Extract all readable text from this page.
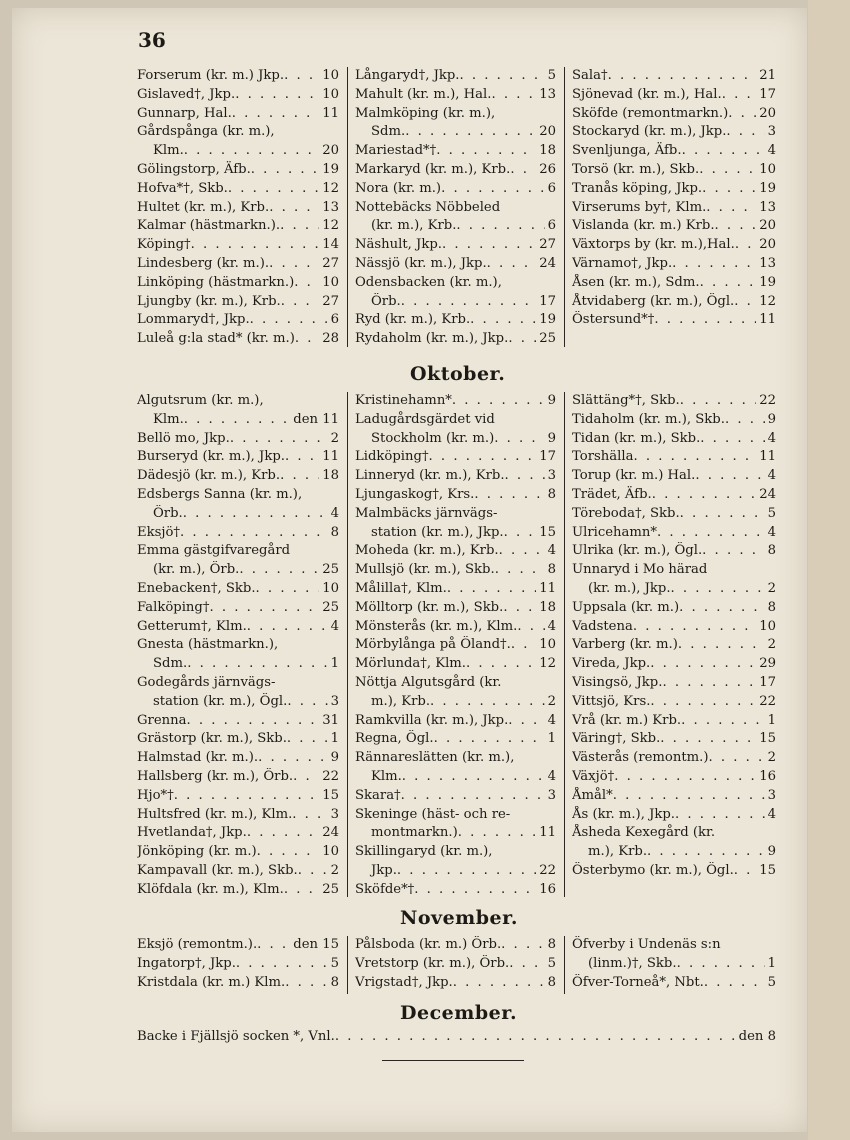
36
Forserum (kr. m.) Jkp. . . .	10
Gislaved†, Jkp. . . .	10
Gunnarp, Hal. . . .	11
Gårdspånga (kr. m.),
Klm. . . .	20
Gölingstorp, Äfb. . . .	19
Hofva*†, Skb. . . .	12
Hultet (kr. m.), Krb. . . .	13
Kalmar (hästmarkn.). . . .	12
Köping† . . .	14
Lindesberg (kr. m.). . . .	27
Linköping (hästmarkn.) . . . 10
Ljungby (kr. m.), Krb. . . .	27
Lommaryd†, Jkp. . . .	6
Luleå g:la stad* (kr. m.) . . . 28
Långaryd†, Jkp. . . .	5
Mahult (kr. m.), Hal. . . .	13
Malmköping (kr. m.),
Sdm. . . .	20
Mariestad*† . . .	18
Markaryd (kr. m.), Krb. . . . 26
Nora (kr. m.) . . .	6
Nottebäcks Nöbbeled
(kr. m.), Krb. . . .	6
Näshult, Jkp. . . .	27
Nässjö (kr. m.), Jkp. . . .	24
Odensbacken (kr. m.),
Örb. . . .	17
Ryd (kr. m.), Krb. . . .	19
Rydaholm (kr. m.), Jkp. . . . 25
Sala† . . .	21
Sjönevad (kr. m.), Hal. . . .	17
Sköfde (remontmarkn.) . . . 20
Stockaryd (kr. m.), Jkp. . . .	3
Svenljunga, Äfb. . . .	4
Torsö (kr. m.), Skb. . . .	10
Tranås köping, Jkp. . . .	19
Virserums by†, Klm. . . .	13
Vislanda (kr. m.) Krb. . . .	20
Växtorps by (kr. m.),Hal. . . . 20
Värnamo†, Jkp. . . .	13
Åsen (kr. m.), Sdm. . . .	19
Åtvidaberg (kr. m.), Ögl. . . . 12
Östersund*† . . .	11
Oktober.
Algutsrum (kr. m.),
Klm. . . .	den 11
Bellö mo, Jkp. . . .	2
Burseryd (kr. m.), Jkp. . . .	11
Dädesjö (kr. m.), Krb. . . .	18
Edsbergs Sanna (kr. m.),
Örb. . . .	4
Eksjö† . . .	8
Emma gästgifvaregård
(kr. m.), Örb. . . .	25
Enebacken†, Skb. . . .	10
Falköping† . . .	25
Getterum†, Klm. . . .	4
Gnesta (hästmarkn.),
Sdm. . . .	1
Godegårds järnvägs-
station (kr. m.), Ögl. . . .	3
Grenna . . .	31
Grästorp (kr. m.), Skb. . . .	1
Halmstad (kr. m.). . . .	9
Hallsberg (kr. m.), Örb. . . . 22
Hjo*† . . .	15
Hultsfred (kr. m.), Klm. . . .	3
Hvetlanda†, Jkp. . . .	24
Jönköping (kr. m.) . . .	10
Kampavall (kr. m.), Skb. . . . 2
Klöfdala (kr. m.), Klm. . . .	25
Kristinehamn* . . .	9
Ladugårdsgärdet vid
Stockholm (kr. m.) . . .	9
Lidköping† . . .	17
Linneryd (kr. m.), Krb. . . .	3
Ljungaskog†, Krs. . . .	8
Malmbäcks järnvägs-
station (kr. m.), Jkp. . . .	15
Moheda (kr. m.), Krb. . . .	4
Mullsjö (kr. m.), Skb. . . .	8
Målilla†, Klm. . . .	11
Mölltorp (kr. m.), Skb. . . .	18
Mönsterås (kr. m.), Klm. . . . 4
Mörbylånga på Öland†. . . . 10
Mörlunda†, Klm. . . .	12
Nöttja Algutsgård (kr.
m.), Krb. . . .	2
Ramkvilla (kr. m.), Jkp. . . .	4
Regna, Ögl. . . .	1
Rännareslätten (kr. m.),
Klm. . . .	4
Skara† . . .	3
Skeninge (häst- och re-
montmarkn.) . . .	11
Skillingaryd (kr. m.),
Jkp. . . .	22
Sköfde*† . . .	16
Slättäng*†, Skb. . . .	22
Tidaholm (kr. m.), Skb. . . .	9
Tidan (kr. m.), Skb. . . .	4
Torshälla . . .	11
Torup (kr. m.) Hal. . . .	4
Trädet, Äfb. . . .	24
Töreboda†, Skb. . . .	5
Ulricehamn* . . .	4
Ulrika (kr. m.), Ögl. . . .	8
Unnaryd i Mo härad
(kr. m.), Jkp. . . .	2
Uppsala (kr. m.) . . .	8
Vadstena . . .	10
Varberg (kr. m.) . . .	2
Vireda, Jkp. . . .	29
Visingsö, Jkp. . . .	17
Vittsjö, Krs. . . .	22
Vrå (kr. m.) Krb. . . .	1
Väring†, Skb. . . .	15
Västerås (remontm.) . . .	2
Växjö† . . .	16
Åmål* . . .	3
Ås (kr. m.), Jkp. . . .	4
Åsheda Kexegård (kr.
m.), Krb. . . .	9
Österbymo (kr. m.), Ögl. . . . 15
November.
Eksjö (remontm.). . . .	den 15
Ingatorp†, Jkp. . . .	5
Kristdala (kr. m.) Klm. . . .	8
Pålsboda (kr. m.) Örb. . . .	8
Vretstorp (kr. m.), Örb. . . .	5
Vrigstad†, Jkp. . . .	8
Öfverby i Undenäs s:n
(linm.)†, Skb. . . .	1
Öfver-Torneå*, Nbt. . . .	5
December.
Backe i Fjällsjö socken *, Vnl. . . .	den 8
